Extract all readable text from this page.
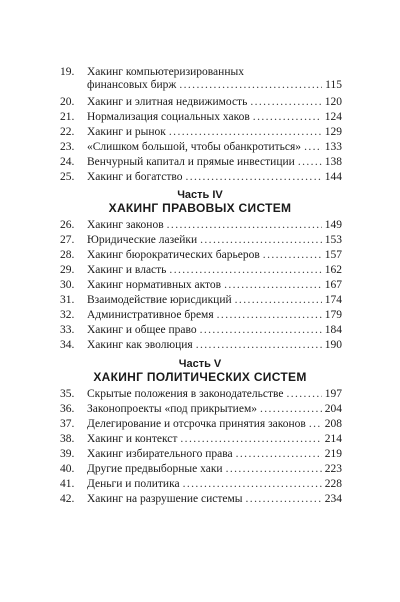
19.	Хакинг компьютеризированных
финансовых бирж .....	115
20.	Хакинг и элитная недвижимость .....	120
21.	Нормализация социальных хаков .....	124
22.	Хакинг и рынок .....	129
23.	«Слишком большой, чтобы обанкротиться» ..... 133
24.	Венчурный капитал и прямые инвестиции .....	138
25.	Хакинг и богатство .....	144
Часть IV
ХАКИНГ ПРАВОВЫХ СИСТЕМ
26.	Хакинг законов .....	149
27.	Юридические лазейки .....	153
28.	Хакинг бюрократических барьеров .....	157
29.	Хакинг и власть .....	162
30.	Хакинг нормативных актов .....	167
31.	Взаимодействие юрисдикций .....	174
32.	Административное бремя .....	179
33.	Хакинг и общее право .....	184
34.	Хакинг как эволюция .....	190
Часть V
ХАКИНГ ПОЛИТИЧЕСКИХ СИСТЕМ
35.	Скрытые положения в законодательстве .....	197
36.	Законопроекты «под прикрытием» .....	204
37.	Делегирование и отсрочка принятия законов ..... 208
38.	Хакинг и контекст .....	214
39.	Хакинг избирательного права .....	219
40.	Другие предвыборные хаки .....	223
41.	Деньги и политика .....	228
42.	Хакинг на разрушение системы .....	234
